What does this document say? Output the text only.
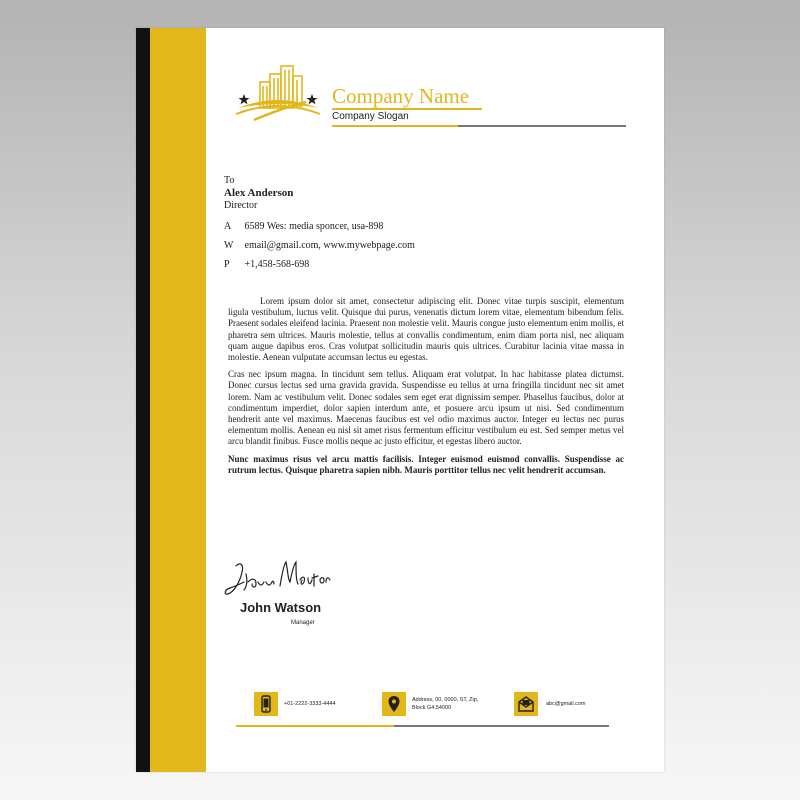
Company Name
Company Slogan
To
Alex Anderson
Director
A 6589 Wes: media sponcer, usa-898
W email@gmail.com, www.mywebpage.com
P +1,458-568-698

Lorem ipsum dolor sit amet, consectetur adipiscing elit. Donec vitae turpis suscipit, elementum ligula vestibulum, luctus velit. Quisque dui purus, venenatis dictum lorem vitae, elementum bibendum felis. Praesent sodales eleifend lacinia. Praesent non molestie velit. Mauris congue justo elementum enim mollis, et pharetra sem ultrices. Mauris molestie, tellus at convallis condimentum, enim diam porta nisl, nec aliquam quam augue dapibus eros. Cras volutpat sollicitudin mauris quis ultrices. Curabitur lacinia vitae massa in molestie. Aenean vulputate accumsan lectus eu egestas.

Cras nec ipsum magna. In tincidunt sem tellus. Aliquam erat volutpat. In hac habitasse platea dictumst. Donec cursus lectus sed urna gravida gravida. Suspendisse eu tellus at urna fringilla tincidunt nec sit amet lorem. Nam ac vestibulum velit. Donec sodales sem eget erat dignissim semper. Phasellus faucibus, dolor at condimentum imperdiet, dolor sapien interdum ante, et posuere arcu ipsum ut nisi. Sed condimentum hendrerit ante vel maximus. Maecenas faucibus est vel odio maximus auctor. Integer eu lectus nec purus elementum mollis. Aenean eu nisl sit amet risus fermentum efficitur vestibulum eu est. Sed semper metus vel arcu blandit finibus. Fusce mollis neque ac justo efficitur, et egestas libero auctor.

Nunc maximus risus vel arcu mattis facilisis. Integer euismod euismod convallis. Suspendisse ac rutrum lectus. Quisque pharetra sapien nibh. Mauris porttitor tellus nec velit hendrerit accumsan.

John Watson
Manager
+01-2222-3333-4444
Address, 00, 0000, ST, Zip,
Block G4,54000
abc@gmail.com
